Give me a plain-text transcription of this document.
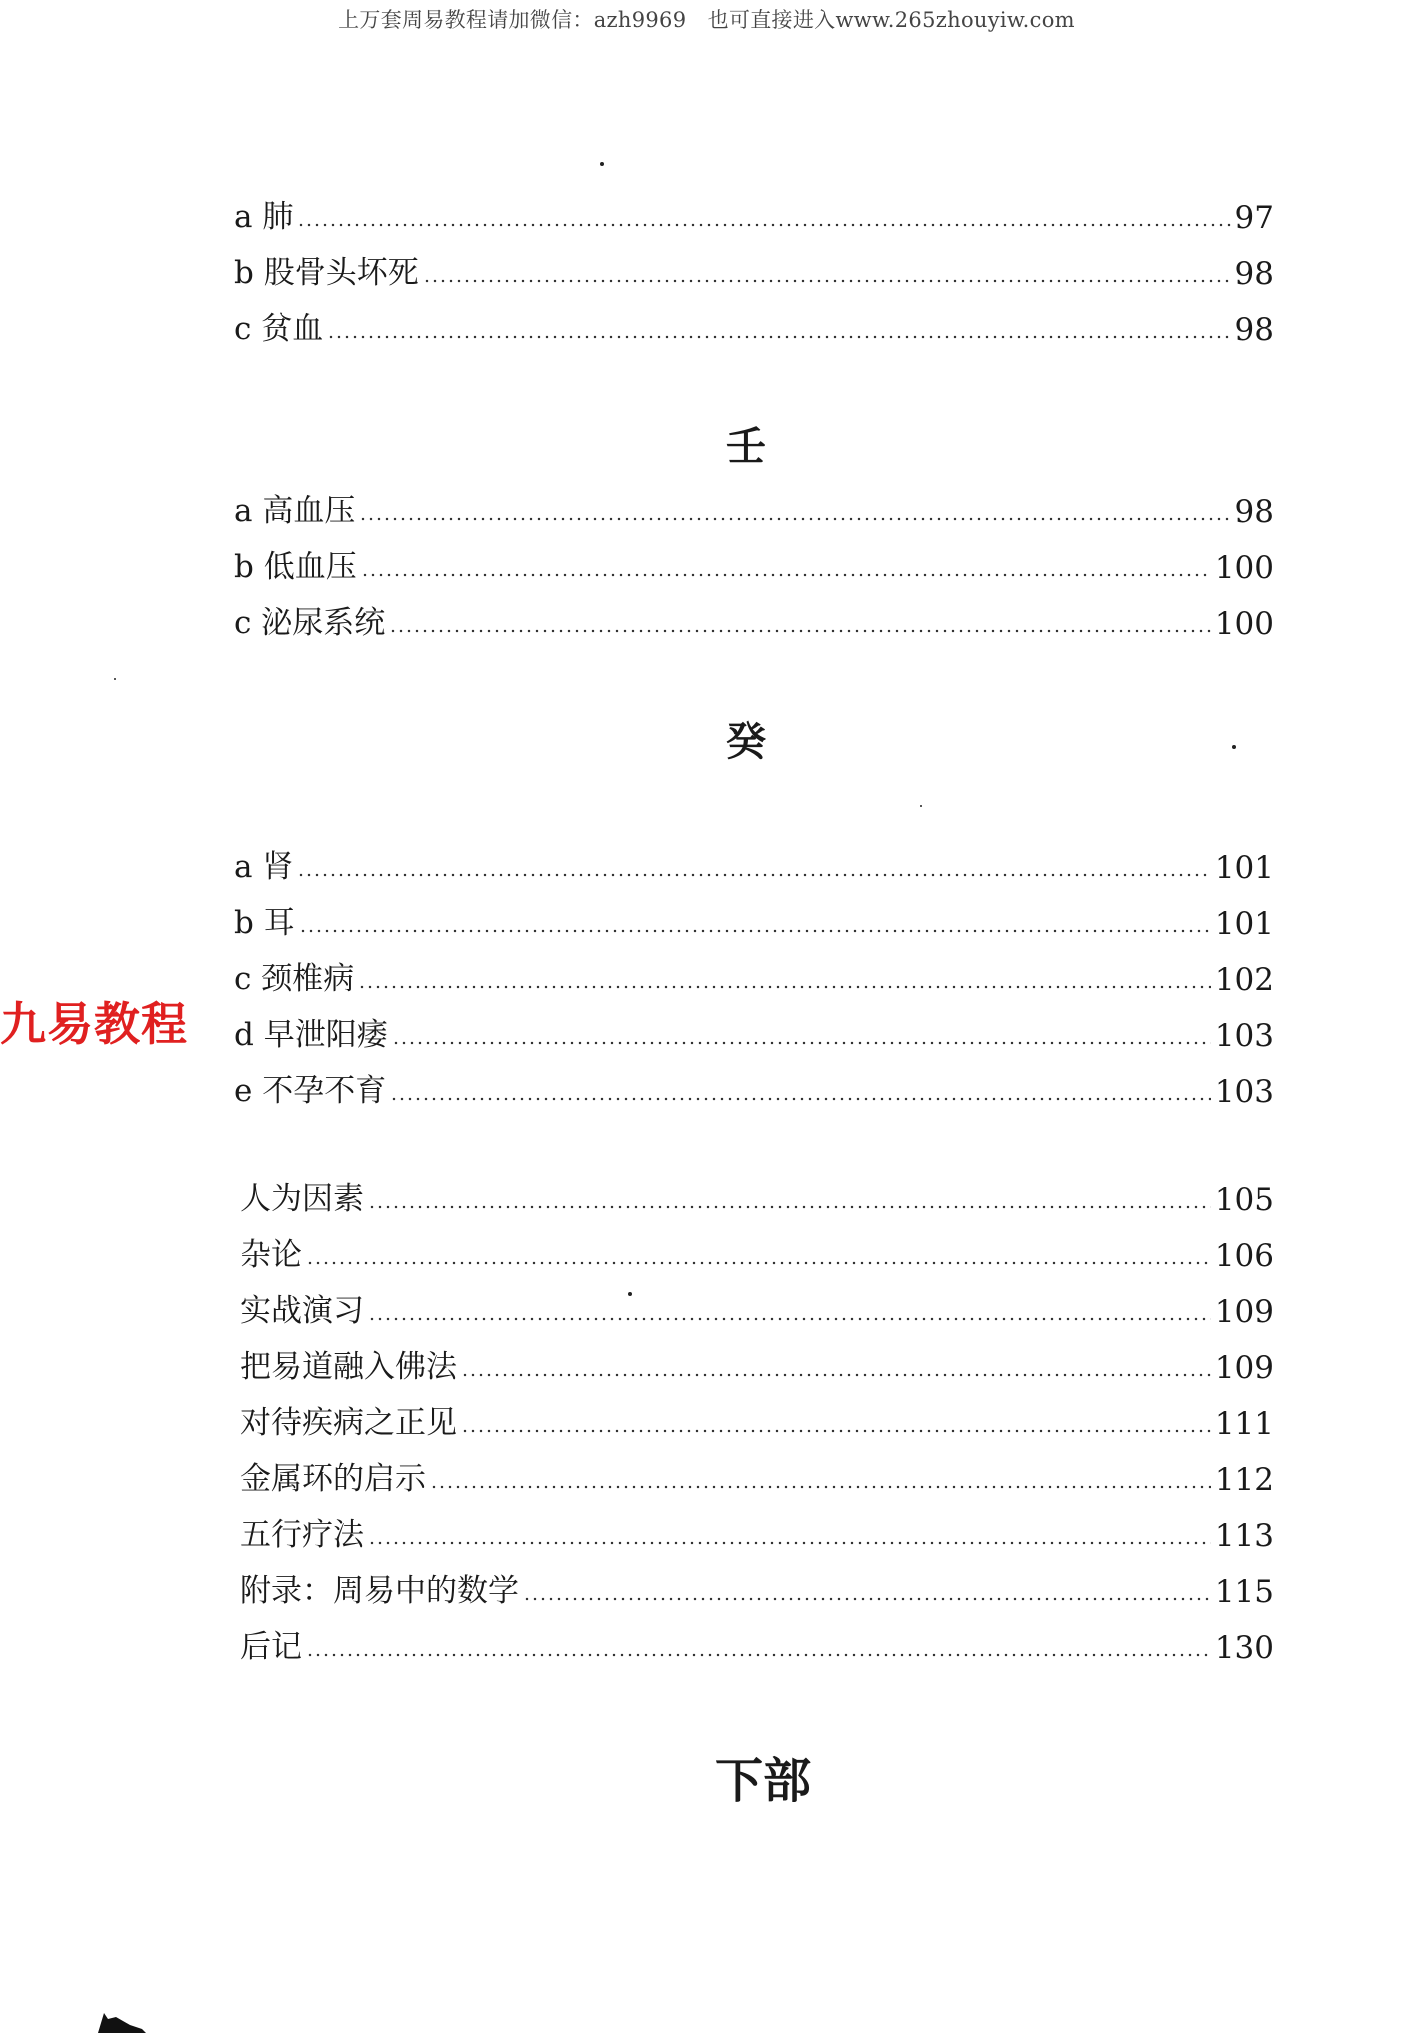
上万套周易教程请加微信：azh9969　也可直接进入www.265zhouyiw.com
a 肺	97
b 股骨头坏死	98
c 贫血	98
壬
a 高血压	98
b 低血压	100
c 泌尿系统	100
癸
a 肾	101
b 耳	101
c 颈椎病	102
d 早泄阳痿	103
e 不孕不育	103
人为因素	105
杂论	106
实战演习	109
把易道融入佛法	109
对待疾病之正见	111
金属环的启示	112
五行疗法	113
附录：周易中的数学	115
后记	130
下部
九易教程
